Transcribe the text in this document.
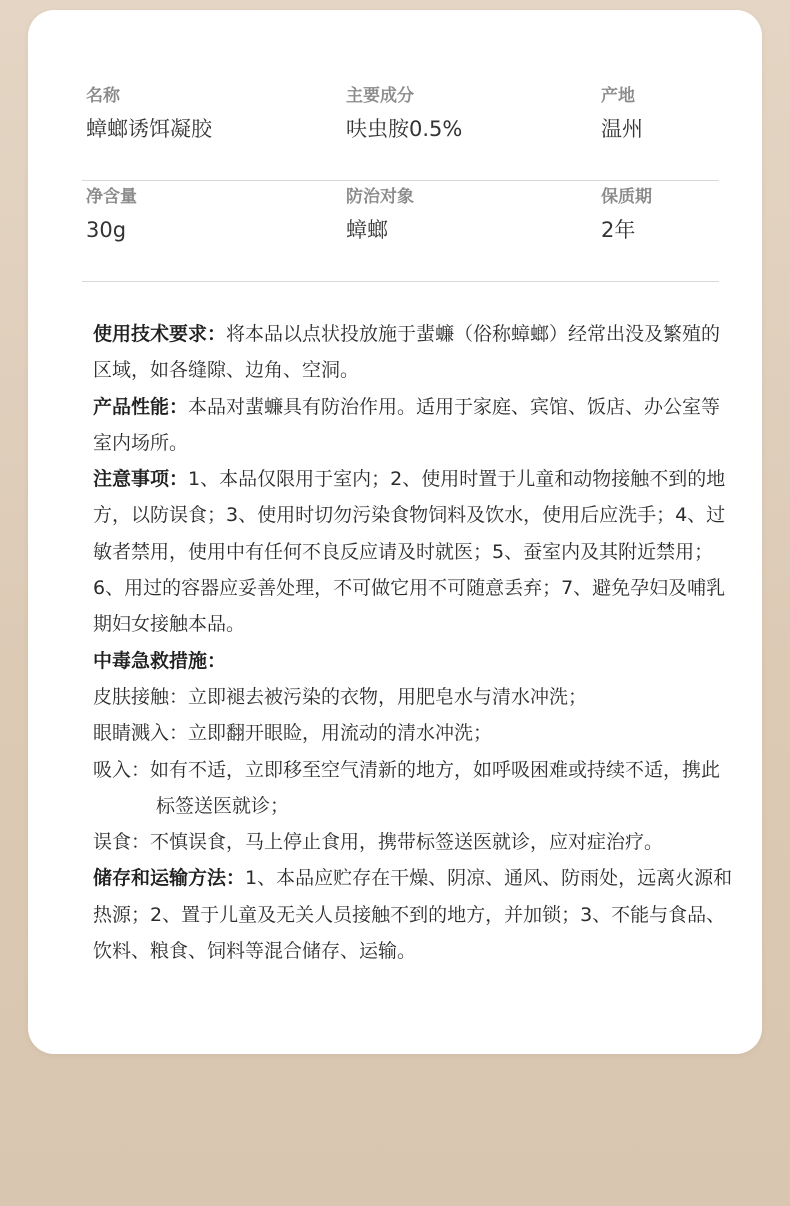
名称
蟑螂诱饵凝胶
主要成分
呋虫胺0.5%
产地
温州
净含量
30g
防治对象
蟑螂
保质期
2年

使用技术要求：将本品以点状投放施于蜚蠊（俗称蟑螂）经常出没及繁殖的区域，如各缝隙、边角、空洞。

产品性能：本品对蜚蠊具有防治作用。适用于家庭、宾馆、饭店、办公室等室内场所。

注意事项：1、本品仅限用于室内；2、使用时置于儿童和动物接触不到的地方，以防误食；3、使用时切勿污染食物饲料及饮水，使用后应洗手；4、过敏者禁用，使用中有任何不良反应请及时就医；5、蚕室内及其附近禁用；6、用过的容器应妥善处理，不可做它用不可随意丢弃；7、避免孕妇及哺乳期妇女接触本品。

中毒急救措施：

皮肤接触：立即褪去被污染的衣物，用肥皂水与清水冲洗；

眼睛溅入：立即翻开眼睑，用流动的清水冲洗；

吸入：如有不适，立即移至空气清新的地方，如呼吸困难或持续不适，携此标签送医就诊；

误食：不慎误食，马上停止食用，携带标签送医就诊，应对症治疗。

储存和运输方法：1、本品应贮存在干燥、阴凉、通风、防雨处，远离火源和热源；2、置于儿童及无关人员接触不到的地方，并加锁；3、不能与食品、饮料、粮食、饲料等混合储存、运输。
